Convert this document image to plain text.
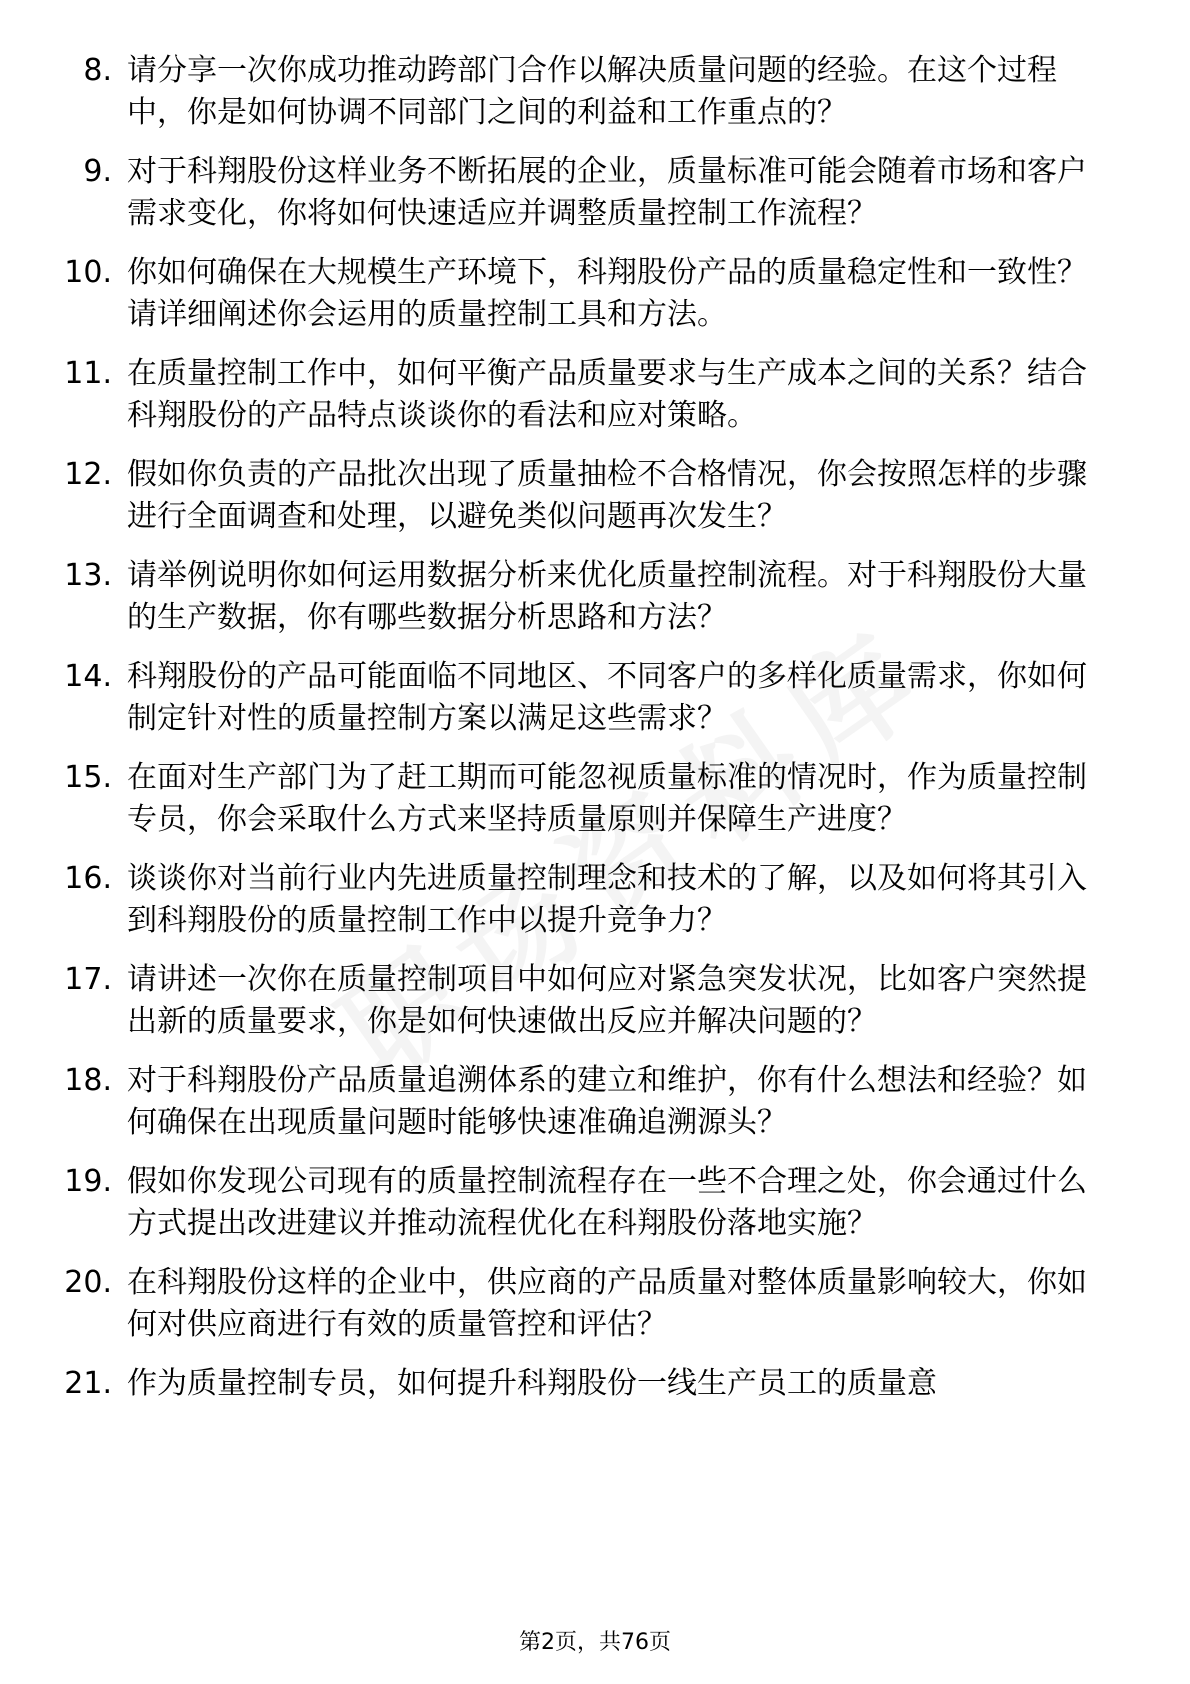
8. 请分享一次你成功推动跨部门合作以解决质量问题的经验。在这个过程中，你是如何协调不同部门之间的利益和工作重点的？
9. 对于科翔股份这样业务不断拓展的企业，质量标准可能会随着市场和客户需求变化，你将如何快速适应并调整质量控制工作流程？
10. 你如何确保在大规模生产环境下，科翔股份产品的质量稳定性和一致性？请详细阐述你会运用的质量控制工具和方法。
11. 在质量控制工作中，如何平衡产品质量要求与生产成本之间的关系？结合科翔股份的产品特点谈谈你的看法和应对策略。
12. 假如你负责的产品批次出现了质量抽检不合格情况，你会按照怎样的步骤进行全面调查和处理，以避免类似问题再次发生？
13. 请举例说明你如何运用数据分析来优化质量控制流程。对于科翔股份大量的生产数据，你有哪些数据分析思路和方法？
14. 科翔股份的产品可能面临不同地区、不同客户的多样化质量需求，你如何制定针对性的质量控制方案以满足这些需求？
15. 在面对生产部门为了赶工期而可能忽视质量标准的情况时，作为质量控制专员，你会采取什么方式来坚持质量原则并保障生产进度？
16. 谈谈你对当前行业内先进质量控制理念和技术的了解，以及如何将其引入到科翔股份的质量控制工作中以提升竞争力？
17. 请讲述一次你在质量控制项目中如何应对紧急突发状况，比如客户突然提出新的质量要求，你是如何快速做出反应并解决问题的？
18. 对于科翔股份产品质量追溯体系的建立和维护，你有什么想法和经验？如何确保在出现质量问题时能够快速准确追溯源头？
19. 假如你发现公司现有的质量控制流程存在一些不合理之处，你会通过什么方式提出改进建议并推动流程优化在科翔股份落地实施？
20. 在科翔股份这样的企业中，供应商的产品质量对整体质量影响较大，你如何对供应商进行有效的质量管控和评估？
21. 作为质量控制专员，如何提升科翔股份一线生产员工的质量意
第2页，共76页
